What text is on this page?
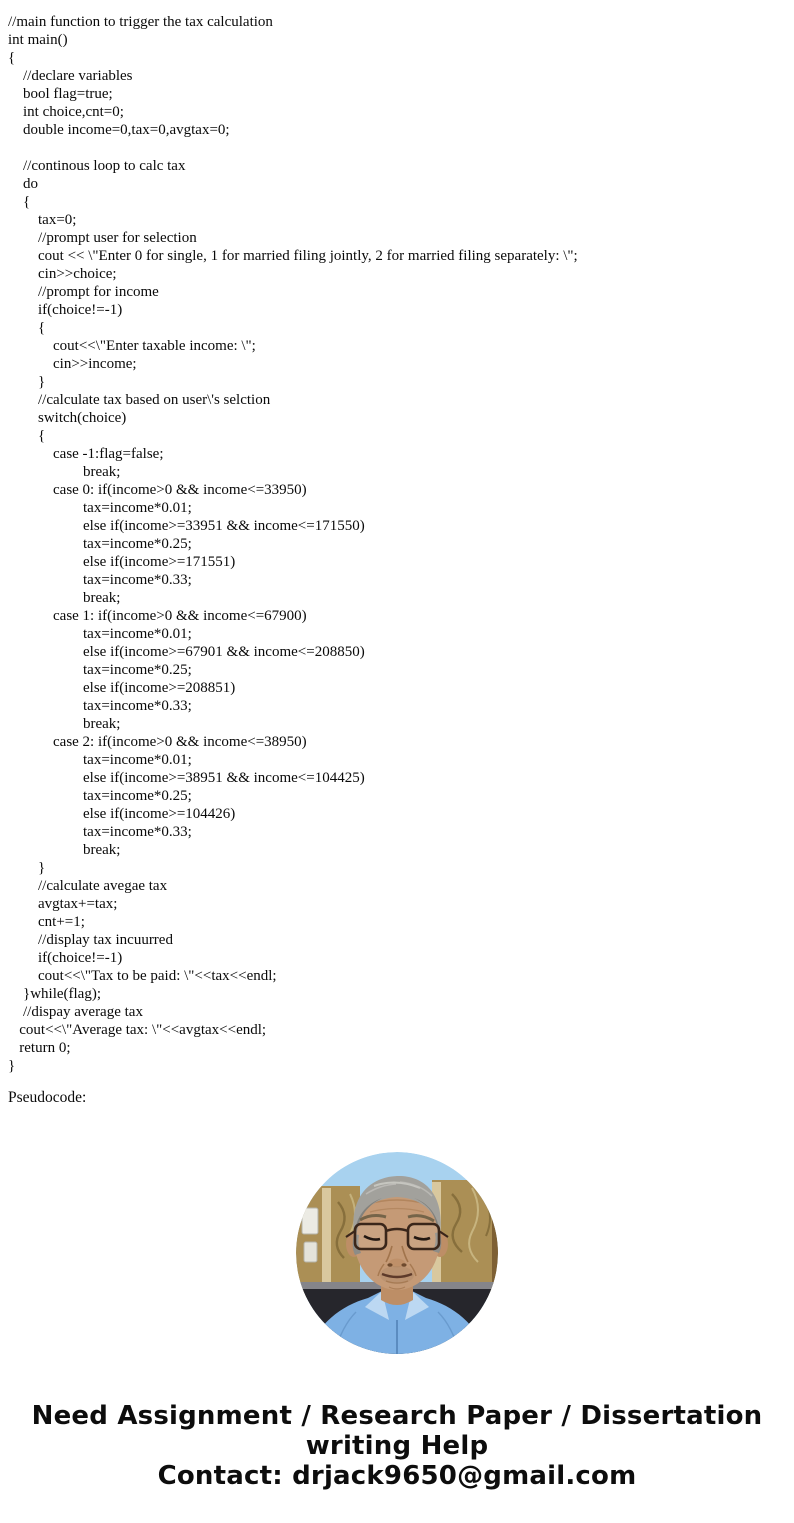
//main function to trigger the tax calculation
int main()
{
//declare variables
bool flag=true;
int choice,cnt=0;
double income=0,tax=0,avgtax=0;

//continous loop to calc tax
do
{
tax=0;
//prompt user for selection
cout << \"Enter 0 for single, 1 for married filing jointly, 2 for married filing separately: \";
cin>>choice;
//prompt for income
if(choice!=-1)
{
cout<<\"Enter taxable income: \";
cin>>income;
}
//calculate tax based on user\'s selction
switch(choice)
{
case -1:flag=false;
break;
case 0: if(income>0 && income<=33950)
tax=income*0.01;
else if(income>=33951 && income<=171550)
tax=income*0.25;
else if(income>=171551)
tax=income*0.33;
break;
case 1: if(income>0 && income<=67900)
tax=income*0.01;
else if(income>=67901 && income<=208850)
tax=income*0.25;
else if(income>=208851)
tax=income*0.33;
break;
case 2: if(income>0 && income<=38950)
tax=income*0.01;
else if(income>=38951 && income<=104425)
tax=income*0.25;
else if(income>=104426)
tax=income*0.33;
break;
}
//calculate avegae tax
avgtax+=tax;
cnt+=1;
//display tax incuurred
if(choice!=-1)
cout<<\"Tax to be paid: \"<<tax<<endl;
}while(flag);
//dispay average tax
cout<<\"Average tax: \"<<avgtax<<endl;
return 0;
}
Pseudocode:
Need Assignment / Research Paper / Dissertation
writing Help
Contact: drjack9650@gmail.com
